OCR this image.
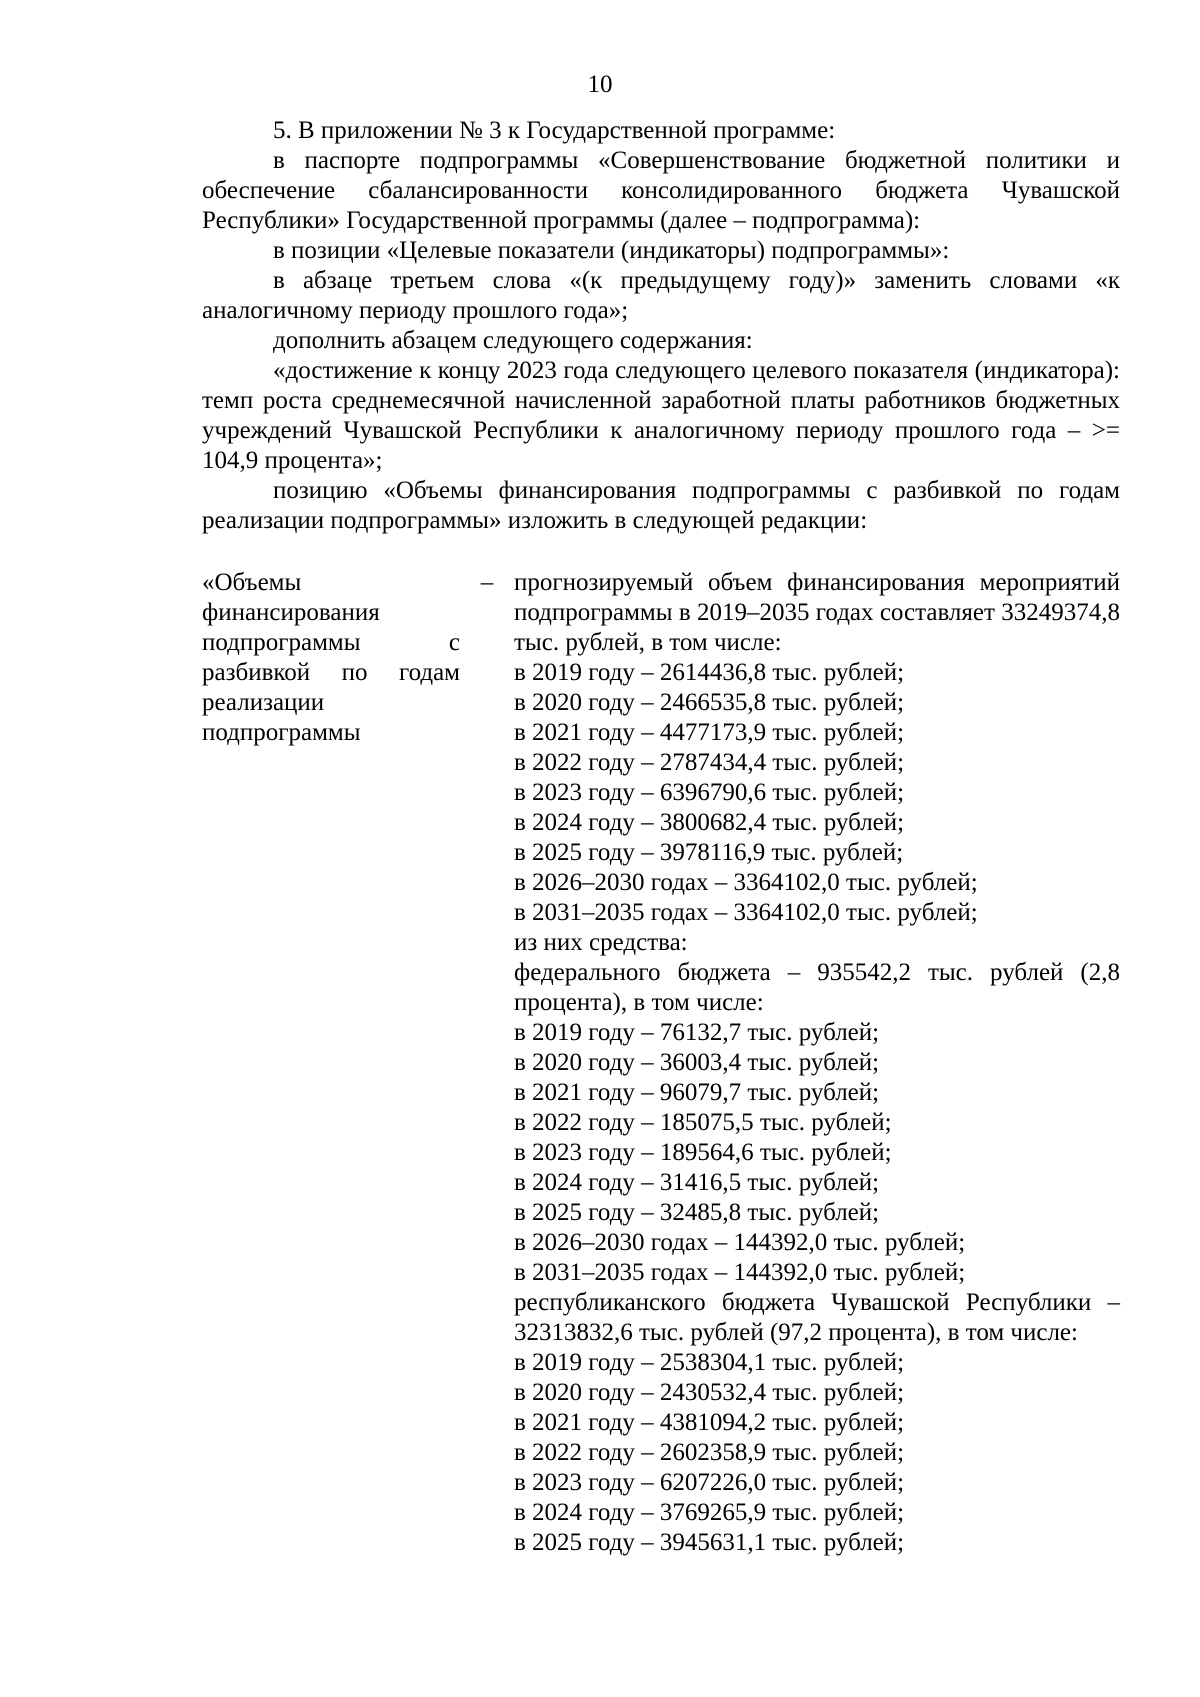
10

5. В приложении № 3 к Государственной программе:

в паспорте подпрограммы «Совершенствование бюджетной политики и обеспечение сбалансированности консолидированного бюджета Чувашской Республики» Государственной программы (далее – подпрограмма):

в позиции «Целевые показатели (индикаторы) подпрограммы»:

в абзаце третьем слова «(к предыдущему году)» заменить словами «к аналогичному периоду прошлого года»;

дополнить абзацем следующего содержания:

«достижение к концу 2023 года следующего целевого показателя (индикатора): темп роста среднемесячной начисленной заработной платы работников бюджетных учреждений Чувашской Республики к аналогичному периоду прошлого года – >= 104,9 процента»;

позицию «Объемы финансирования подпрограммы с разбивкой по годам реализации подпрограммы» изложить в следующей редакции:

«Объемы финансирования подпрограммы с разбивкой по годам реализации подпрограммы
– прогнозируемый объем финансирования мероприятий подпрограммы в 2019–2035 годах составляет 33249374,8 тыс. рублей, в том числе:
в 2019 году – 2614436,8 тыс. рублей;
в 2020 году – 2466535,8 тыс. рублей;
в 2021 году – 4477173,9 тыс. рублей;
в 2022 году – 2787434,4 тыс. рублей;
в 2023 году – 6396790,6 тыс. рублей;
в 2024 году – 3800682,4 тыс. рублей;
в 2025 году – 3978116,9 тыс. рублей;
в 2026–2030 годах – 3364102,0 тыс. рублей;
в 2031–2035 годах – 3364102,0 тыс. рублей;
из них средства:
федерального бюджета – 935542,2 тыс. рублей (2,8 процента), в том числе:
в 2019 году – 76132,7 тыс. рублей;
в 2020 году – 36003,4 тыс. рублей;
в 2021 году – 96079,7 тыс. рублей;
в 2022 году – 185075,5 тыс. рублей;
в 2023 году – 189564,6 тыс. рублей;
в 2024 году – 31416,5 тыс. рублей;
в 2025 году – 32485,8 тыс. рублей;
в 2026–2030 годах – 144392,0 тыс. рублей;
в 2031–2035 годах – 144392,0 тыс. рублей;
республиканского бюджета Чувашской Республики – 32313832,6 тыс. рублей (97,2 процента), в том числе:
в 2019 году – 2538304,1 тыс. рублей;
в 2020 году – 2430532,4 тыс. рублей;
в 2021 году – 4381094,2 тыс. рублей;
в 2022 году – 2602358,9 тыс. рублей;
в 2023 году – 6207226,0 тыс. рублей;
в 2024 году – 3769265,9 тыс. рублей;
в 2025 году – 3945631,1 тыс. рублей;
